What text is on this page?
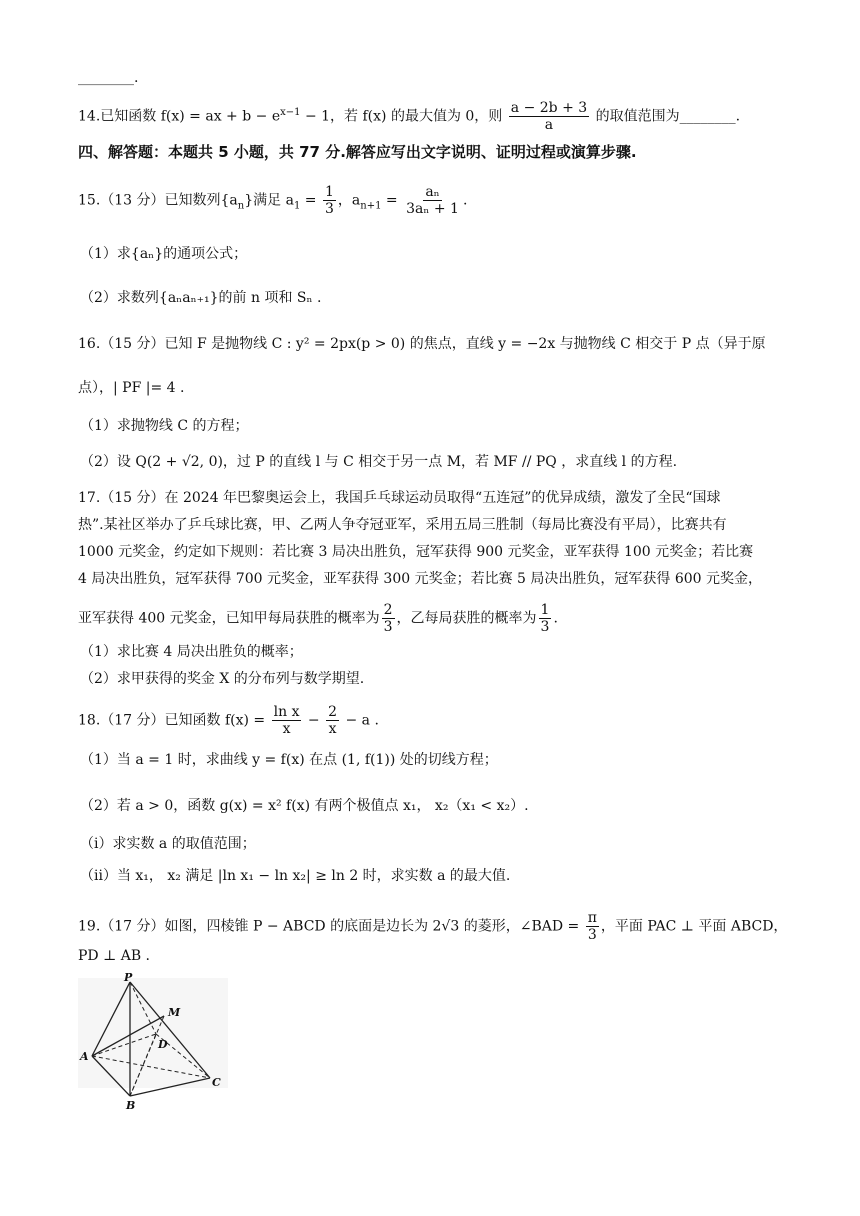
________.
14.已知函数 f(x) = ax + $b - e^{x-1} - 1$，若 f(x) 的最大值为 0，则 $\frac{a - 2b + 3}{a}$ 的取值范围为________.
四、解答题：本题共 5 小题，共 77 分.解答应写出文字说明、证明过程或演算步骤.
15.（13 分）已知数列$\{a_n\}$满足 $a_1 = \frac{1}{3}$ ，$a_{n+1} = \frac{\text{aₙ}}{\text{3aₙ + 1}}$ .
（1）求{aₙ}的通项公式；
（2）求数列{aₙaₙ₊₁}的前 n 项和 Sₙ .
16.（15 分）已知 F 是抛物线 C : y² = 2px(p > 0) 的焦点，直线 y = −2x 与抛物线 C 相交于 P 点（异于原
点），| PF |= 4 .
（1）求抛物线 C 的方程；
（2）设 Q(2 + √2, 0)，过 P 的直线 l 与 C 相交于另一点 M，若 MF // PQ ，求直线 l 的方程.
17.（15 分）在 2024 年巴黎奥运会上，我国乒乓球运动员取得“五连冠”的优异成绩，激发了全民“国球
热”.某社区举办了乒乓球比赛，甲、乙两人争夺冠亚军，采用五局三胜制（每局比赛没有平局），比赛共有
1000 元奖金，约定如下规则：若比赛 3 局决出胜负，冠军获得 900 元奖金，亚军获得 100 元奖金；若比赛
4 局决出胜负，冠军获得 700 元奖金，亚军获得 300 元奖金；若比赛 5 局决出胜负，冠军获得 600 元奖金，
亚军获得 400 元奖金，已知甲每局获胜的概率为 $\frac{2}{3}$ ，乙每局获胜的概率为 $\frac{1}{3}$ .
（1）求比赛 4 局决出胜负的概率；
（2）求甲获得的奖金 X 的分布列与数学期望.
18.（17 分）已知函数 $f(x) = \frac{\text{ln x}}{x} - \frac{2}{x} - a$ .
（1）当 a = 1 时，求曲线 y = f(x) 在点 (1, f(1)) 处的切线方程；
（2）若 a > 0，函数 g(x) = x² f(x) 有两个极值点 x₁， x₂（x₁ < x₂）.
（i）求实数 a 的取值范围；
（ii）当 x₁， x₂ 满足 |ln x₁ − ln x₂| ≥ ln 2 时，求实数 a 的最大值.
19.（17 分）如图，四棱锥 P − ABCD 的底面是边长为 2√3 的菱形，∠BAD = $\frac{\pi}{3}$ ，平面 PAC ⊥ 平面 ABCD，
PD ⊥ AB .
P
M
A
D
B
C
